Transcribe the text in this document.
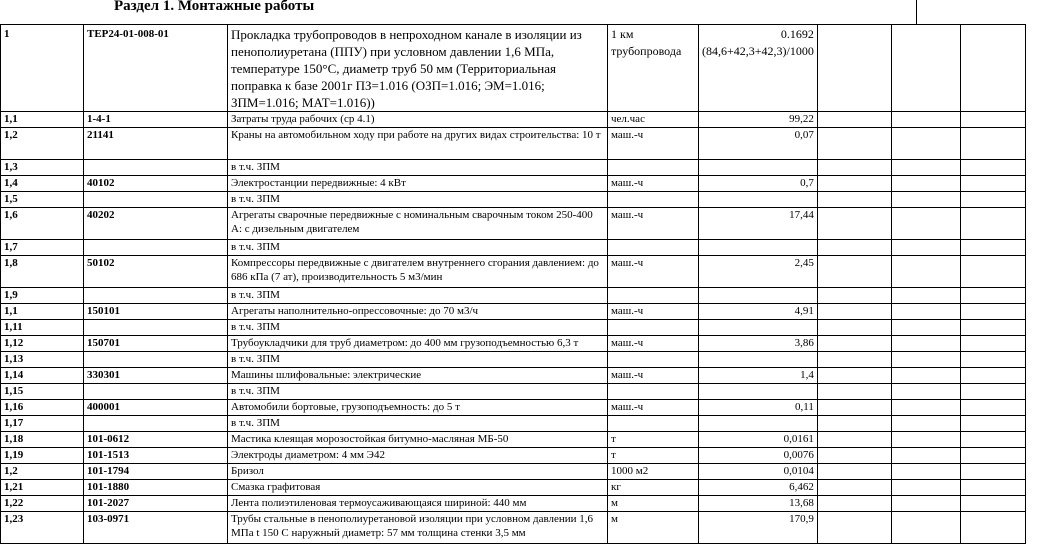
Раздел 1. Монтажные работы
1	ТЕР24-01-008-01	Прокладка трубопроводов в непроходном канале в изоляции из пенополиуретана (ППУ) при условном давлении 1,6 МПа, температуре 150°С, диаметр труб 50 мм (Территориальная поправка к базе 2001г ПЗ=1.016 (ОЗП=1.016; ЭМ=1.016; ЗПМ=1.016; МАТ=1.016))	1 км трубопровода	0.1692 (84,6+42,3+42,3)/1000			
1,1	1-4-1	Затраты труда рабочих (ср 4.1)	чел.час	99,22			
1,2	21141	Краны на автомобильном ходу при работе на других видах строительства: 10 т	маш.-ч	0,07			
1,3		в т.ч. ЗПМ					
1,4	40102	Электростанции передвижные: 4 кВт	маш.-ч	0,7			
1,5		в т.ч. ЗПМ					
1,6	40202	Агрегаты сварочные передвижные с номинальным сварочным током 250-400 А: с дизельным двигателем	маш.-ч	17,44			
1,7		в т.ч. ЗПМ					
1,8	50102	Компрессоры передвижные с двигателем внутреннего сгорания давлением: до 686 кПа (7 ат), производительность 5 м3/мин	маш.-ч	2,45			
1,9		в т.ч. ЗПМ					
1,1	150101	Агрегаты наполнительно-опрессовочные: до 70 м3/ч	маш.-ч	4,91			
1,11		в т.ч. ЗПМ					
1,12	150701	Трубоукладчики для труб диаметром: до 400 мм грузоподъемностью 6,3 т	маш.-ч	3,86			
1,13		в т.ч. ЗПМ					
1,14	330301	Машины шлифовальные: электрические	маш.-ч	1,4			
1,15		в т.ч. ЗПМ					
1,16	400001	Автомобили бортовые, грузоподъемность: до 5 т	маш.-ч	0,11			
1,17		в т.ч. ЗПМ					
1,18	101-0612	Мастика клеящая морозостойкая битумно-масляная МБ-50	т	0,0161			
1,19	101-1513	Электроды диаметром: 4 мм Э42	т	0,0076			
1,2	101-1794	Бризол	1000 м2	0,0104			
1,21	101-1880	Смазка графитовая	кг	6,462			
1,22	101-2027	Лента полиэтиленовая термоусаживающаяся шириной: 440 мм	м	13,68			
1,23	103-0971	Трубы стальные в пенополиуретановой изоляции при условном давлении 1,6 МПа t 150 С наружный диаметр: 57 мм толщина стенки 3,5 мм	м	170,9			
